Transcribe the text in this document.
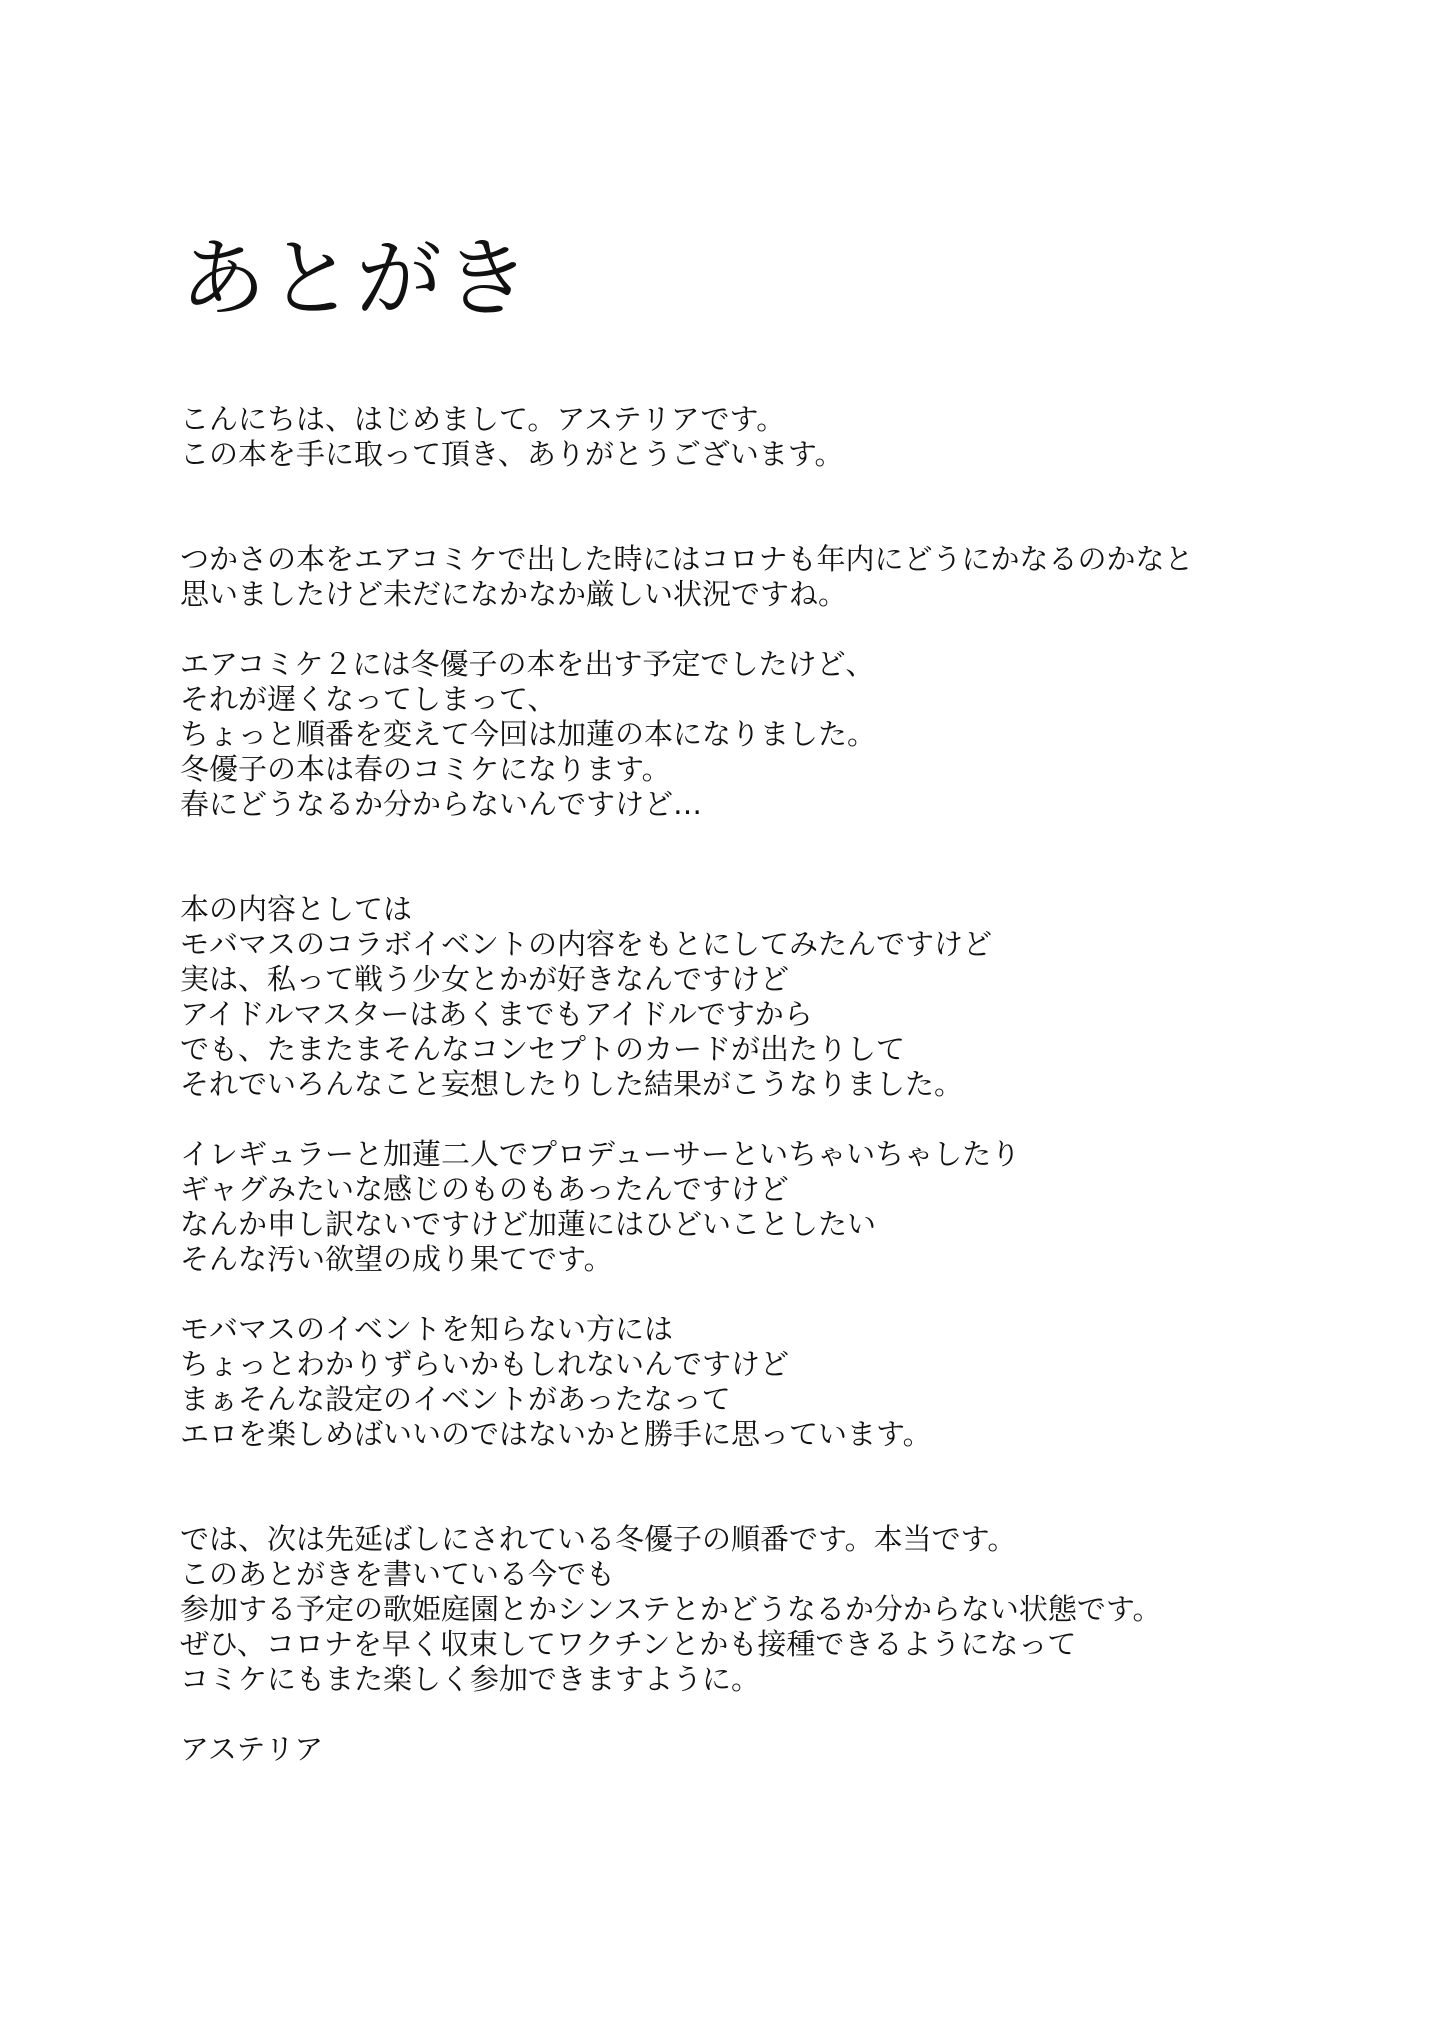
あとがき
こんにちは、はじめまして。アステリアです。
この本を手に取って頂き、ありがとうございます。
つかさの本をエアコミケで出した時にはコロナも年内にどうにかなるのかなと
思いましたけど未だになかなか厳しい状況ですね。
エアコミケ２には冬優子の本を出す予定でしたけど、
それが遅くなってしまって、
ちょっと順番を変えて今回は加蓮の本になりました。
冬優子の本は春のコミケになります。
春にどうなるか分からないんですけど…
本の内容としては
モバマスのコラボイベントの内容をもとにしてみたんですけど
実は、私って戦う少女とかが好きなんですけど
アイドルマスターはあくまでもアイドルですから
でも、たまたまそんなコンセプトのカードが出たりして
それでいろんなこと妄想したりした結果がこうなりました。
イレギュラーと加蓮二人でプロデューサーといちゃいちゃしたり
ギャグみたいな感じのものもあったんですけど
なんか申し訳ないですけど加蓮にはひどいことしたい
そんな汚い欲望の成り果てです。
モバマスのイベントを知らない方には
ちょっとわかりずらいかもしれないんですけど
まぁそんな設定のイベントがあったなって
エロを楽しめばいいのではないかと勝手に思っています。
では、次は先延ばしにされている冬優子の順番です。本当です。
このあとがきを書いている今でも
参加する予定の歌姫庭園とかシンステとかどうなるか分からない状態です。
ぜひ、コロナを早く収束してワクチンとかも接種できるようになって
コミケにもまた楽しく参加できますように。
アステリア
